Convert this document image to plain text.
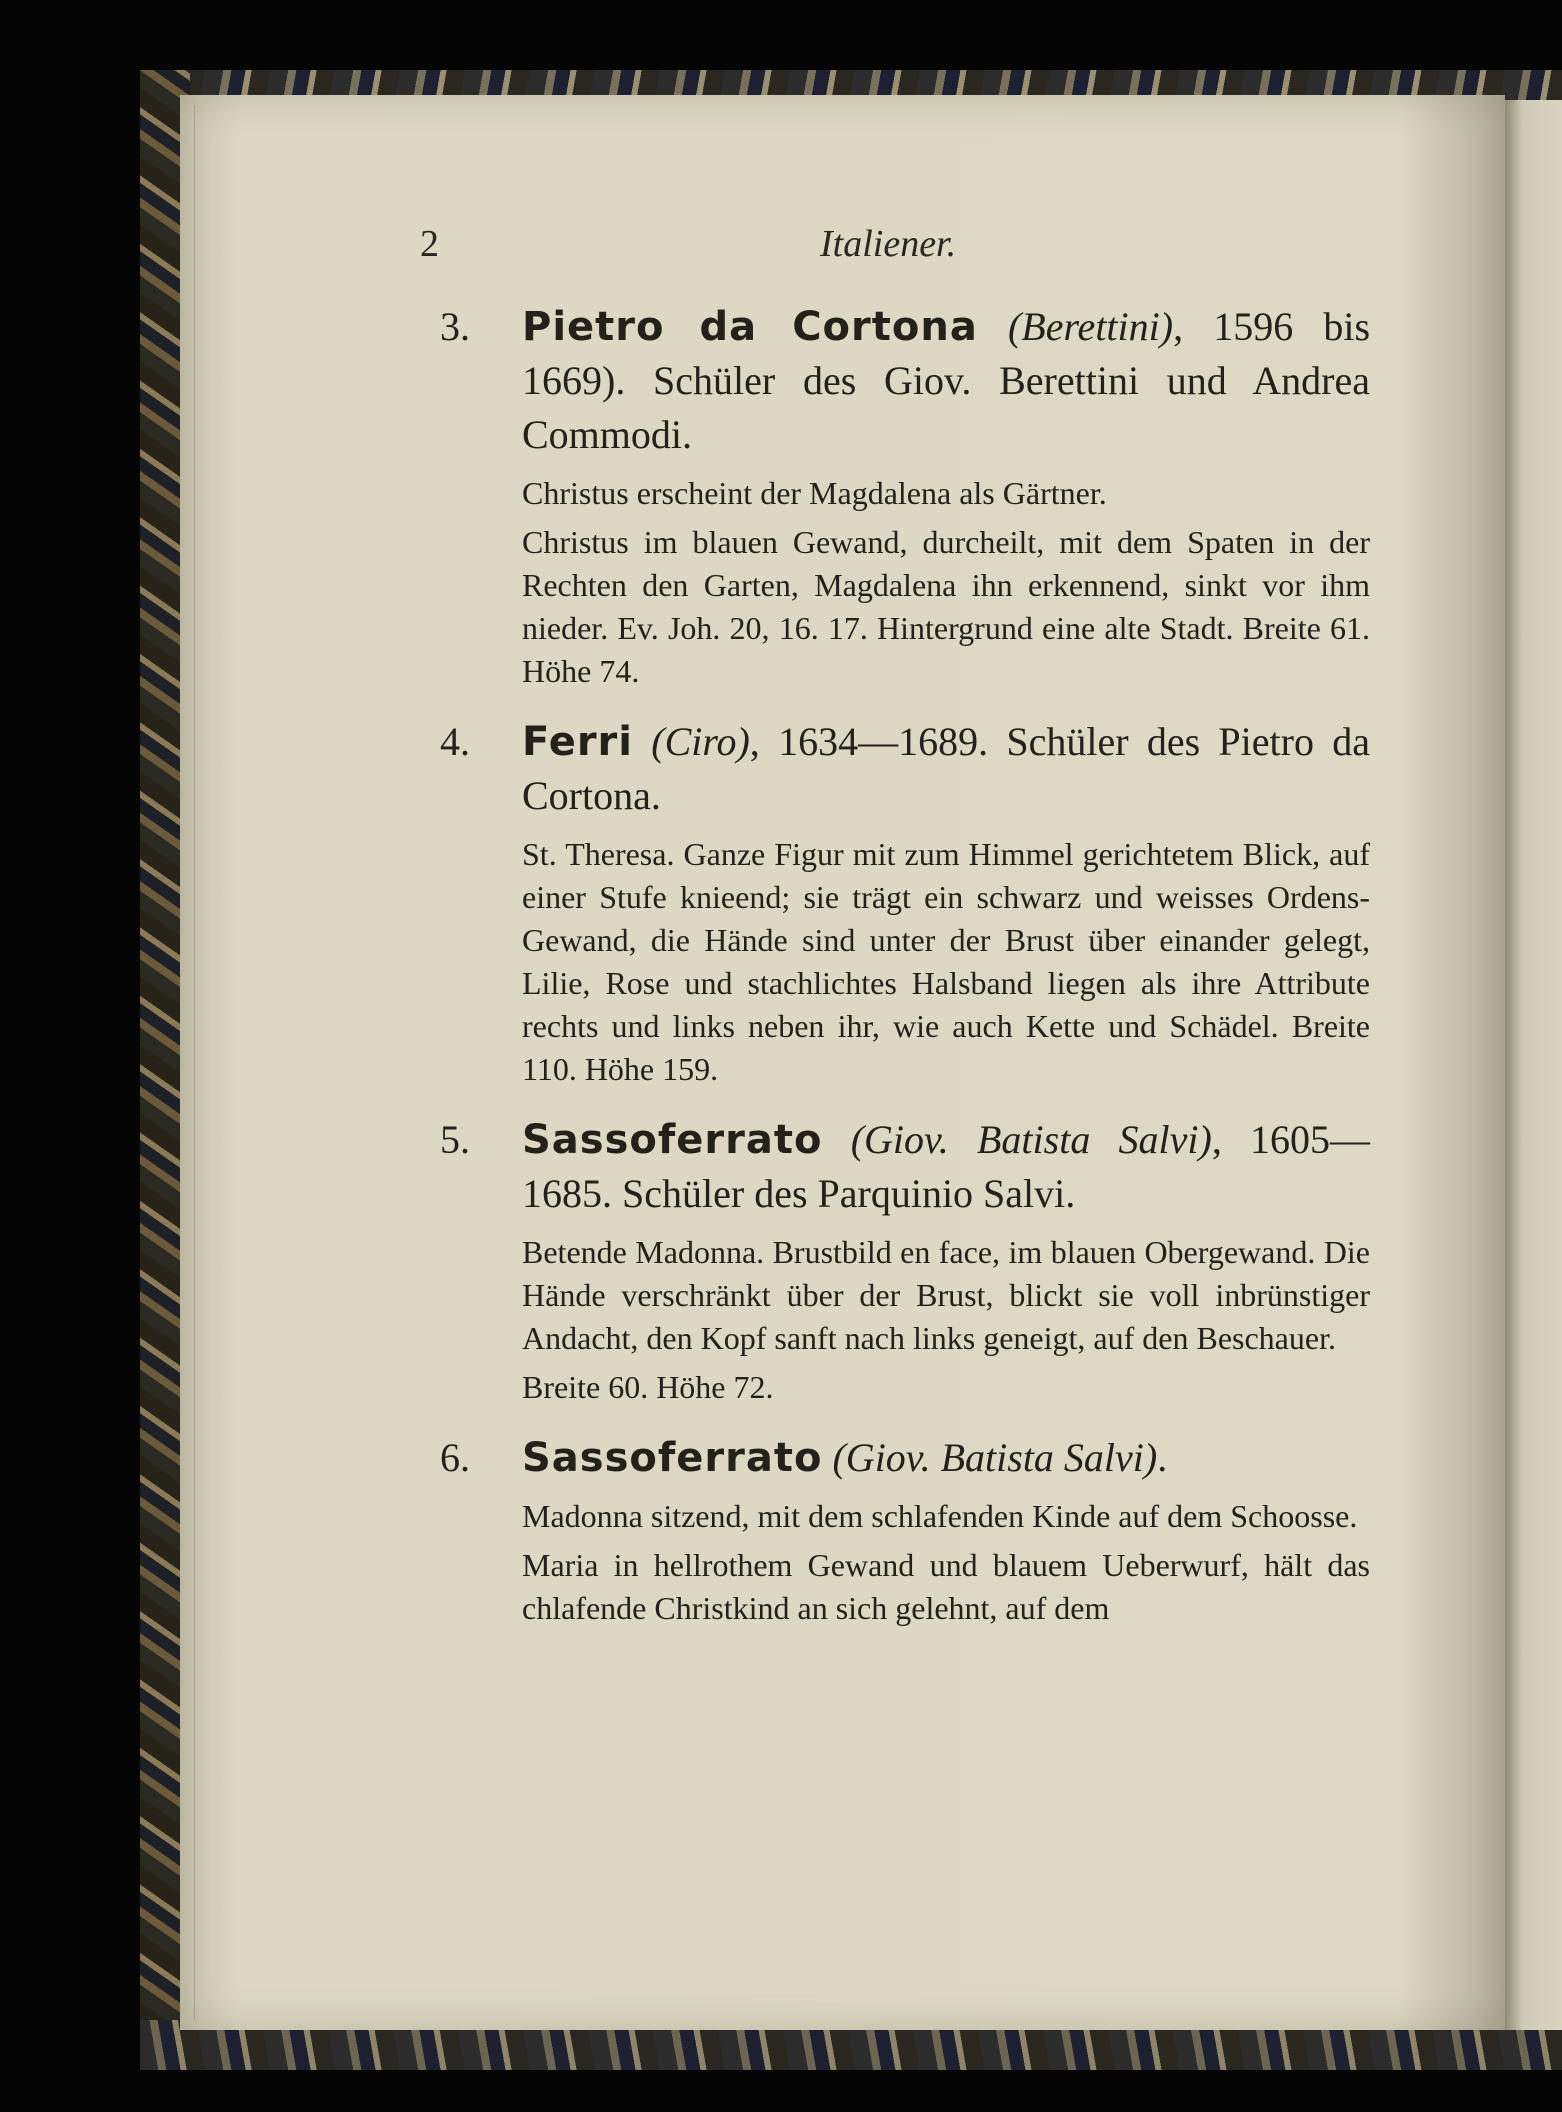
2	Italiener.
3.	Pietro da Cortona (Berettini), 1596 bis 1669). Schüler des Giov. Berettini und Andrea Commodi.

Christus erscheint der Magdalena als Gärtner.

Christus im blauen Gewand, durcheilt, mit dem Spaten in der Rechten den Garten, Magdalena ihn erkennend, sinkt vor ihm nieder. Ev. Joh. 20, 16. 17. Hintergrund eine alte Stadt. Breite 61. Höhe 74.

4.	Ferri (Ciro), 1634—1689. Schüler des Pietro da Cortona.

St. Theresa. Ganze Figur mit zum Himmel gerichtetem Blick, auf einer Stufe knieend; sie trägt ein schwarz und weisses Ordens-Gewand, die Hände sind unter der Brust über einander gelegt, Lilie, Rose und stachlichtes Halsband liegen als ihre Attribute rechts und links neben ihr, wie auch Kette und Schädel. Breite 110. Höhe 159.

5.	Sassoferrato (Giov. Batista Salvi), 1605—1685. Schüler des Parquinio Salvi.

Betende Madonna. Brustbild en face, im blauen Obergewand. Die Hände verschränkt über der Brust, blickt sie voll inbrünstiger Andacht, den Kopf sanft nach links geneigt, auf den Beschauer.

Breite 60. Höhe 72.

6.	Sassoferrato (Giov. Batista Salvi).

Madonna sitzend, mit dem schlafenden Kinde auf dem Schoosse.

Maria in hellrothem Gewand und blauem Ueberwurf, hält das chlafende Christkind an sich gelehnt, auf dem
